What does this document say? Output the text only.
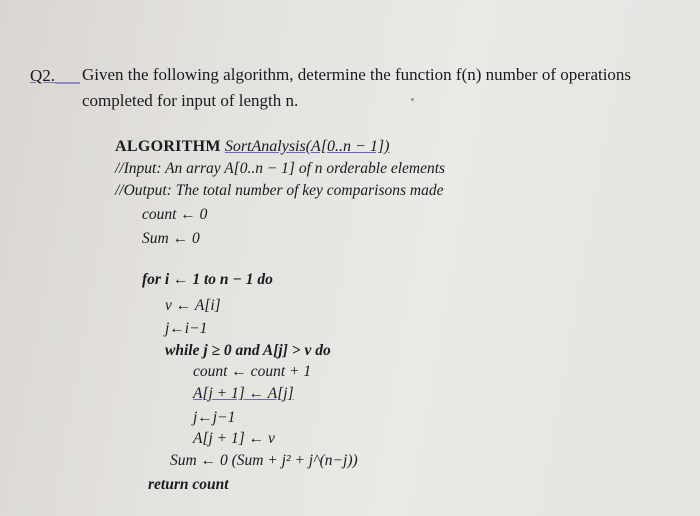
Q2. Given the following algorithm, determine the function f(n) number of operations
completed for input of length n.
ALGORITHM SortAnalysis(A[0..n − 1])
//Input: An array A[0..n − 1] of n orderable elements
//Output: The total number of key comparisons made
count ← 0
Sum ← 0
for i ← 1 to n − 1 do
v ← A[i]
j←i−1
while j ≥ 0 and A[j] > v do
count ← count + 1
A[j + 1] ← A[j]
j←j−1
A[j + 1] ← v
Sum ← 0 (Sum + j² + j^(n−j))
return count
